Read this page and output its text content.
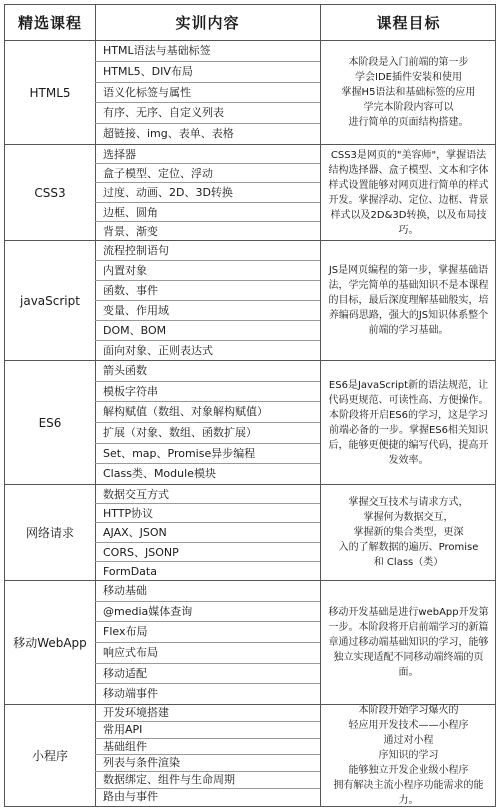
精选课程	实训内容	课程目标
HTML5
HTML语法与基础标签
HTML5、DIV布局
语义化标签与属性
有序、无序、自定义列表
超链接、img、表单、表格
本阶段是入门前端的第一步
学会IDE插件安装和使用
掌握H5语法和基础标签的应用
学完本阶段内容可以
进行简单的页面结构搭建。
CSS3
选择器
盒子模型、定位、浮动
过度、动画、2D、3D转换
边框、圆角
背景、渐变
CSS3是网页的"美容师"，掌握语法结构选择器、盒子模型、文本和字体样式设置能够对网页进行简单的样式开发。掌握浮动、定位、边框、背景样式以及2D&3D转换，以及布局技巧。
javaScript
流程控制语句
内置对象
函数、事件
变量、作用域
DOM、BOM
面向对象、正则表达式
JS是网页编程的第一步，掌握基础语法，学完简单的基础知识不是本课程的目标，最后深度理解基础般实，培养编码思路，强大的JS知识体系整个前端的学习基础。
ES6
箭头函数
模板字符串
解构赋值（数组、对象解构赋值）
扩展（对象、数组、函数扩展）
Set、map、Promise异步编程
Class类、Module模块
ES6是JavaScript新的语法规范，让代码更规范、可读性高、方便操作。本阶段将开启ES6的学习，这是学习前端必备的一步。掌握ES6相关知识后，能够更便捷的编写代码，提高开发效率。
网络请求
数据交互方式
HTTP协议
AJAX、JSON
CORS、JSONP
FormData
掌握交互技术与请求方式，
掌握何为数据交互，
掌握新的集合类型，更深
入的了解数据的遍历、Promise
和 Class（类）
移动WebApp
移动基础
@media媒体查询
Flex布局
响应式布局
移动适配
移动端事件
移动开发基础是进行webApp开发第一步。本阶段将开启前端学习的新篇章通过移动端基础知识的学习，能够独立实现适配不同移动端终端的页面。
小程序
开发环境搭建
常用API
基础组件
列表与条件渲染
数据绑定、组件与生命周期
路由与事件
本阶段开始学习爆火的
轻应用开发技术——小程序
通过对小程
序知识的学习
能够独立开发企业级小程序
拥有解决主流小程序功能需求的能力。
